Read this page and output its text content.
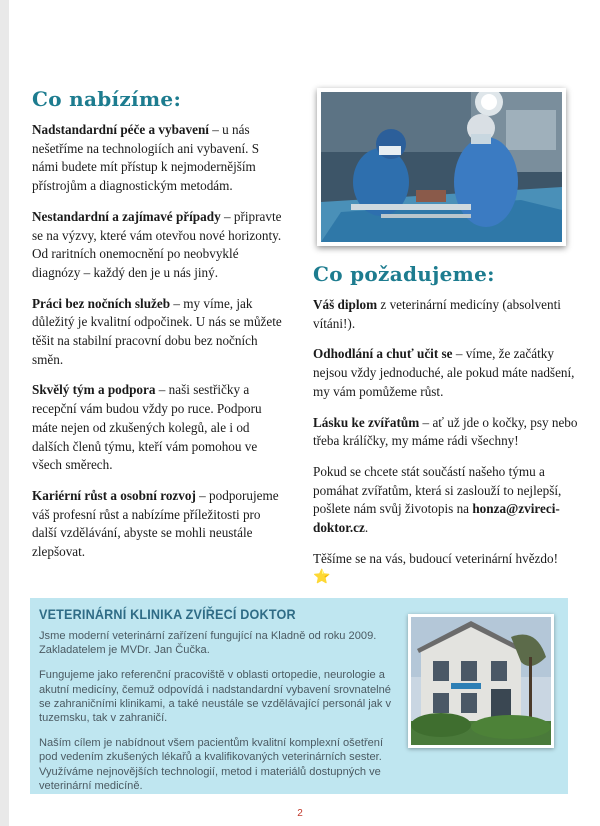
Co nabízíme:

Nadstandardní péče a vybavení – u nás nešetříme na technologiích ani vybavení. S námi budete mít přístup k nejmodernějším přístrojům a diagnostickým metodám.

Nestandardní a zajímavé případy – připravte se na výzvy, které vám otevřou nové horizonty. Od raritních onemocnění po neobvyklé diagnózy – každý den je u nás jiný.

Práci bez nočních služeb – my víme, jak důležitý je kvalitní odpočinek. U nás se můžete těšit na stabilní pracovní dobu bez nočních směn.

Skvělý tým a podpora – naši sestřičky a recepční vám budou vždy po ruce. Podporu máte nejen od zkušených kolegů, ale i od dalších členů týmu, kteří vám pomohou ve všech směrech.

Kariérní růst a osobní rozvoj – podporujeme váš profesní růst a nabízíme příležitosti pro další vzdělávání, abyste se mohli neustále zlepšovat.

Co požadujeme:

Váš diplom z veterinární medicíny (absolventi vítáni!).

Odhodlání a chuť učit se – víme, že začátky nejsou vždy jednoduché, ale pokud máte nadšení, my vám pomůžeme růst.

Lásku ke zvířatům – ať už jde o kočky, psy nebo třeba králíčky, my máme rádi všechny!

Pokud se chcete stát součástí našeho týmu a pomáhat zvířatům, která si zaslouží to nejlepší, pošlete nám svůj životopis na honza@zvireci-doktor.cz.

Těšíme se na vás, budoucí veterinární hvězdo!
⭐

VETERINÁRNÍ KLINIKA ZVÍŘECÍ DOKTOR

Jsme moderní veterinární zařízení fungující na Kladně od roku 2009. Zakladatelem je MVDr. Jan Čučka.

Fungujeme jako referenční pracoviště v oblasti ortopedie, neurologie a akutní medicíny, čemuž odpovídá i nadstandardní vybavení srovnatelné se zahraničními klinikami, a také neustále se vzdělávající personál jak v tuzemsku, tak v zahraničí.

Naším cílem je nabídnout všem pacientům kvalitní komplexní ošetření pod vedením zkušených lékařů a kvalifikovaných veterinárních sester. Využíváme nejnovějších technologií, metod i materiálů dostupných ve veterinární medicíně.

2
